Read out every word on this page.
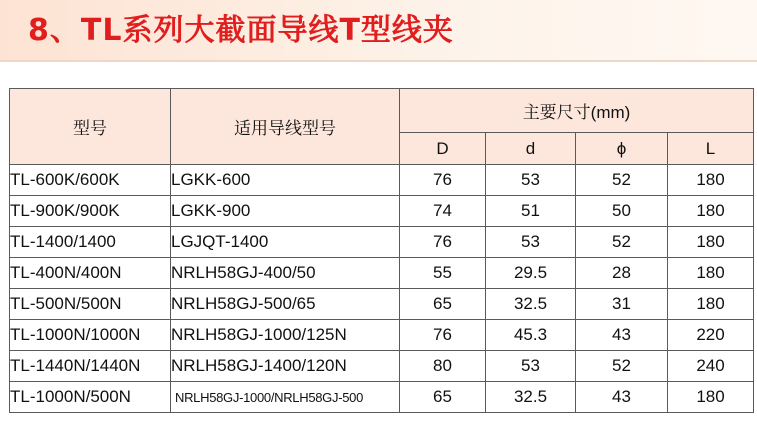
8、TL系列大截面导线T型线夹
型号	适用导线型号	主要尺寸(mm)			
		D	d	ϕ	L
TL-600K/600K	LGKK-600	76	53	52	180
TL-900K/900K	LGKK-900	74	51	50	180
TL-1400/1400	LGJQT-1400	76	53	52	180
TL-400N/400N	NRLH58GJ-400/50	55	29.5	28	180
TL-500N/500N	NRLH58GJ-500/65	65	32.5	31	180
TL-1000N/1000N	NRLH58GJ-1000/125N	76	45.3	43	220
TL-1440N/1440N	NRLH58GJ-1400/120N	80	53	52	240
TL-1000N/500N	NRLH58GJ-1000/NRLH58GJ-500	65	32.5	43	180
